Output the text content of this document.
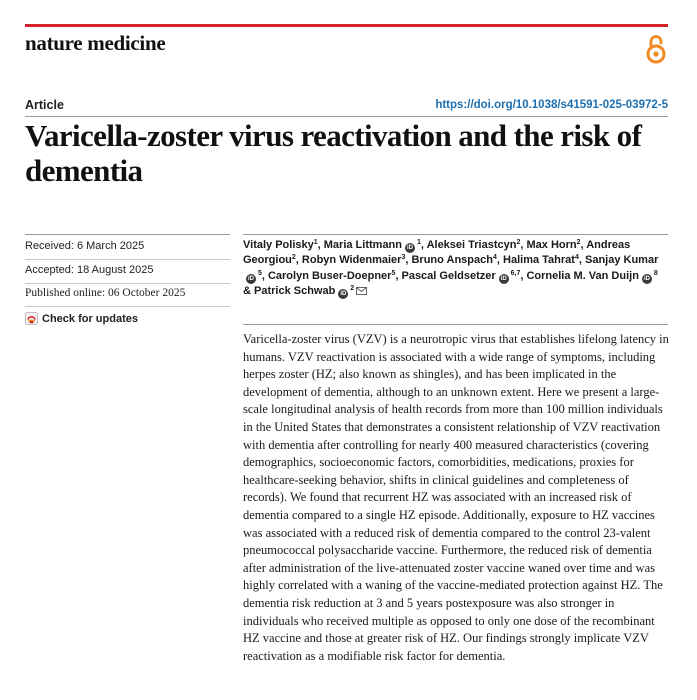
nature medicine
Article	https://doi.org/10.1038/s41591-025-03972-5
Varicella-zoster virus reactivation and the risk of dementia
Received: 6 March 2025
Accepted: 18 August 2025
Published online: 06 October 2025
Check for updates
Vitaly Polisky$^1$, Maria Littmann iD $^1$, Aleksei Triastcyn$^2$, Max Horn$^2$, Andreas Georgiou$^2$, Robyn Widenmaier$^3$, Bruno Anspach$^4$, Halima Tahrat$^4$, Sanjay KumariD $^5$, Carolyn Buser-Doepner$^5$, Pascal Geldsetzer iD $^{6,7}$, Cornelia M. Van Duijn iD $^8$ & Patrick Schwab iD $^2$

Varicella-zoster virus (VZV) is a neurotropic virus that establishes lifelong latency in humans. VZV reactivation is associated with a wide range of symptoms, including herpes zoster (HZ; also known as shingles), and has been implicated in the development of dementia, although to an unknown extent. Here we present a large-scale longitudinal analysis of health records from more than 100 million individuals in the United States that demonstrates a consistent relationship of VZV reactivation with dementia after controlling for nearly 400 measured characteristics (covering demographics, socioeconomic factors, comorbidities, medications, proxies for healthcare-seeking behavior, shifts in clinical guidelines and completeness of records). We found that recurrent HZ was associated with an increased risk of dementia compared to a single HZ episode. Additionally, exposure to HZ vaccines was associated with a reduced risk of dementia compared to the control 23-valent pneumococcal polysaccharide vaccine. Furthermore, the reduced risk of dementia after administration of the live-attenuated zoster vaccine waned over time and was highly correlated with a waning of the vaccine-mediated protection against HZ. The dementia risk reduction at 3 and 5 years postexposure was also stronger in individuals who received multiple as opposed to only one dose of the recombinant HZ vaccine and those at greater risk of HZ. Our findings strongly implicate VZV reactivation as a modifiable risk factor for dementia.
